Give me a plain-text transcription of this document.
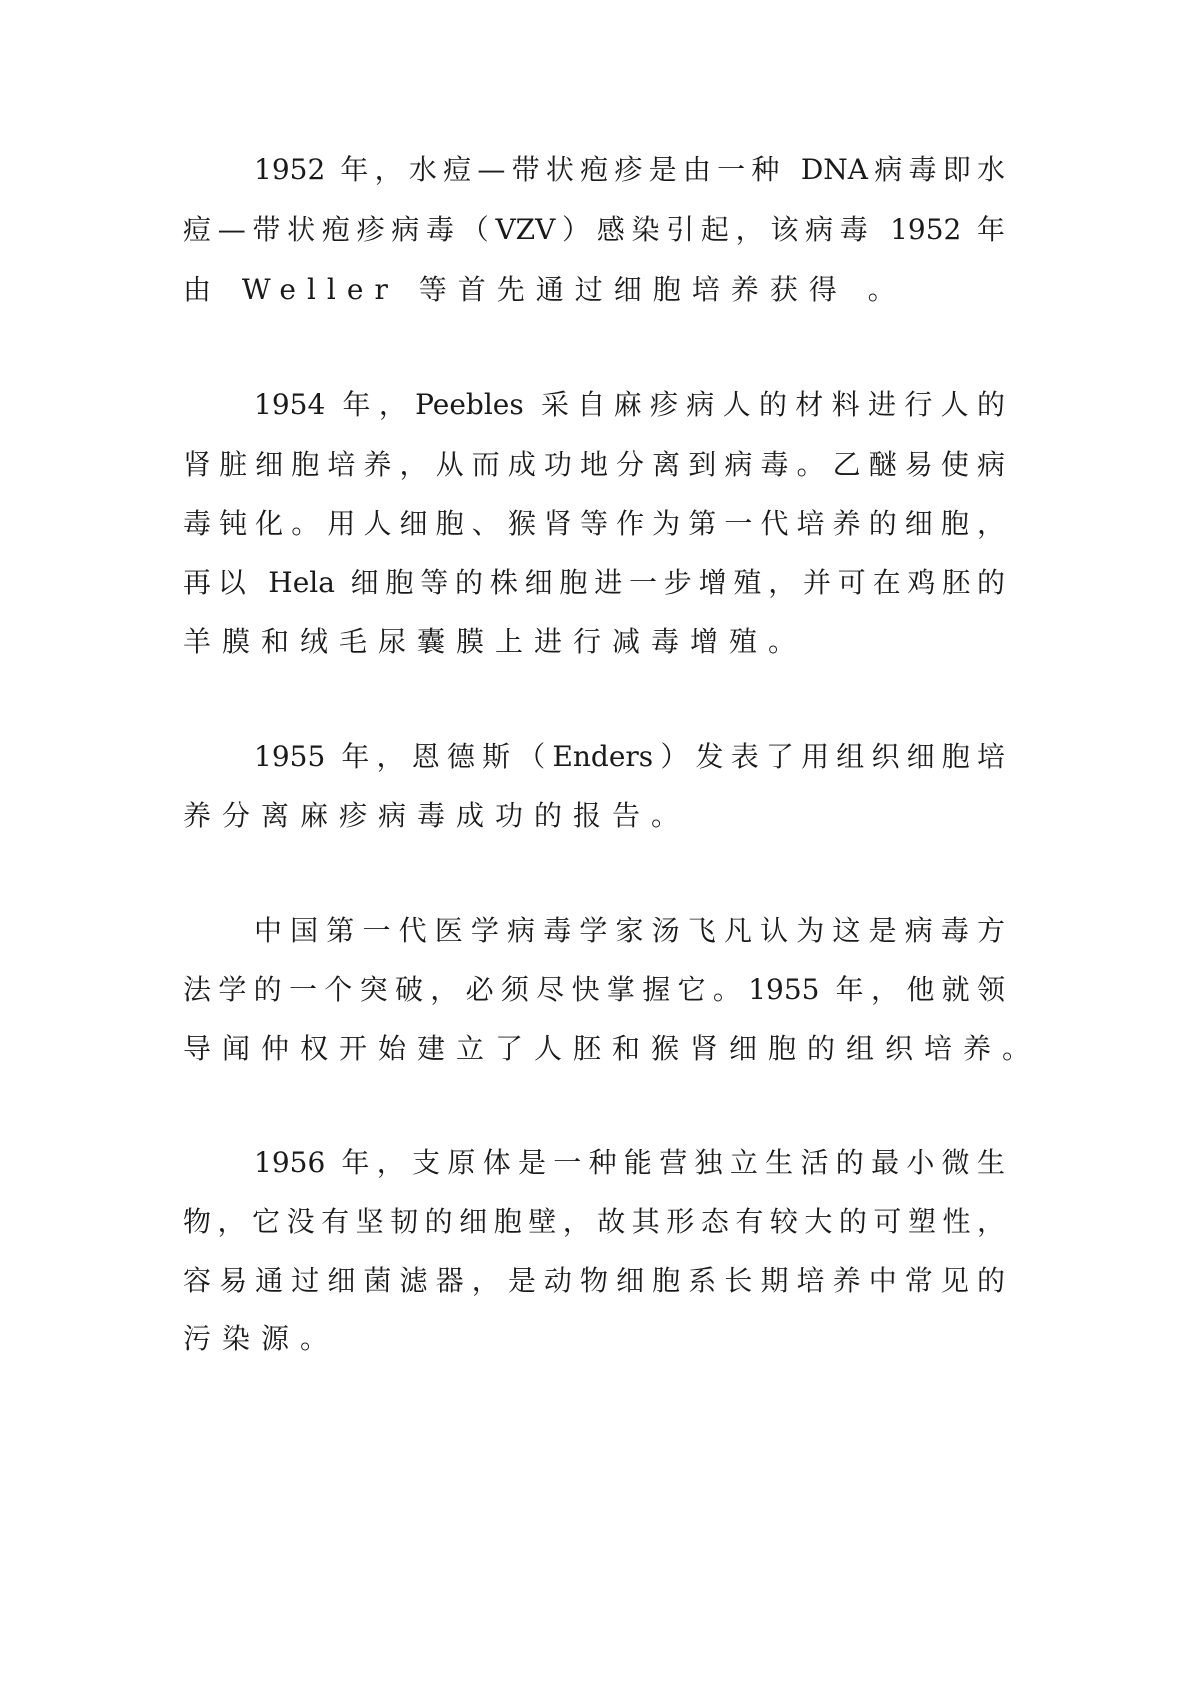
1952 年，水痘—带状疱疹是由一种 DNA病毒即水
痘—带状疱疹病毒（VZV）感染引起，该病毒 1952 年
由 Weller 等首先通过细胞培养获得 。
1954 年，Peebles 采自麻疹病人的材料进行人的
肾脏细胞培养，从而成功地分离到病毒。乙醚易使病
毒钝化。用人细胞、猴肾等作为第一代培养的细胞，
再以 Hela 细胞等的株细胞进一步增殖，并可在鸡胚的
羊膜和绒毛尿囊膜上进行减毒增殖。
1955 年，恩德斯（Enders）发表了用组织细胞培
养分离麻疹病毒成功的报告。
中国第一代医学病毒学家汤飞凡认为这是病毒方
法学的一个突破，必须尽快掌握它。1955 年，他就领
导闻仲权开始建立了人胚和猴肾细胞的组织培养。
1956 年，支原体是一种能营独立生活的最小微生
物，它没有坚韧的细胞壁，故其形态有较大的可塑性，
容易通过细菌滤器，是动物细胞系长期培养中常见的
污染源。
